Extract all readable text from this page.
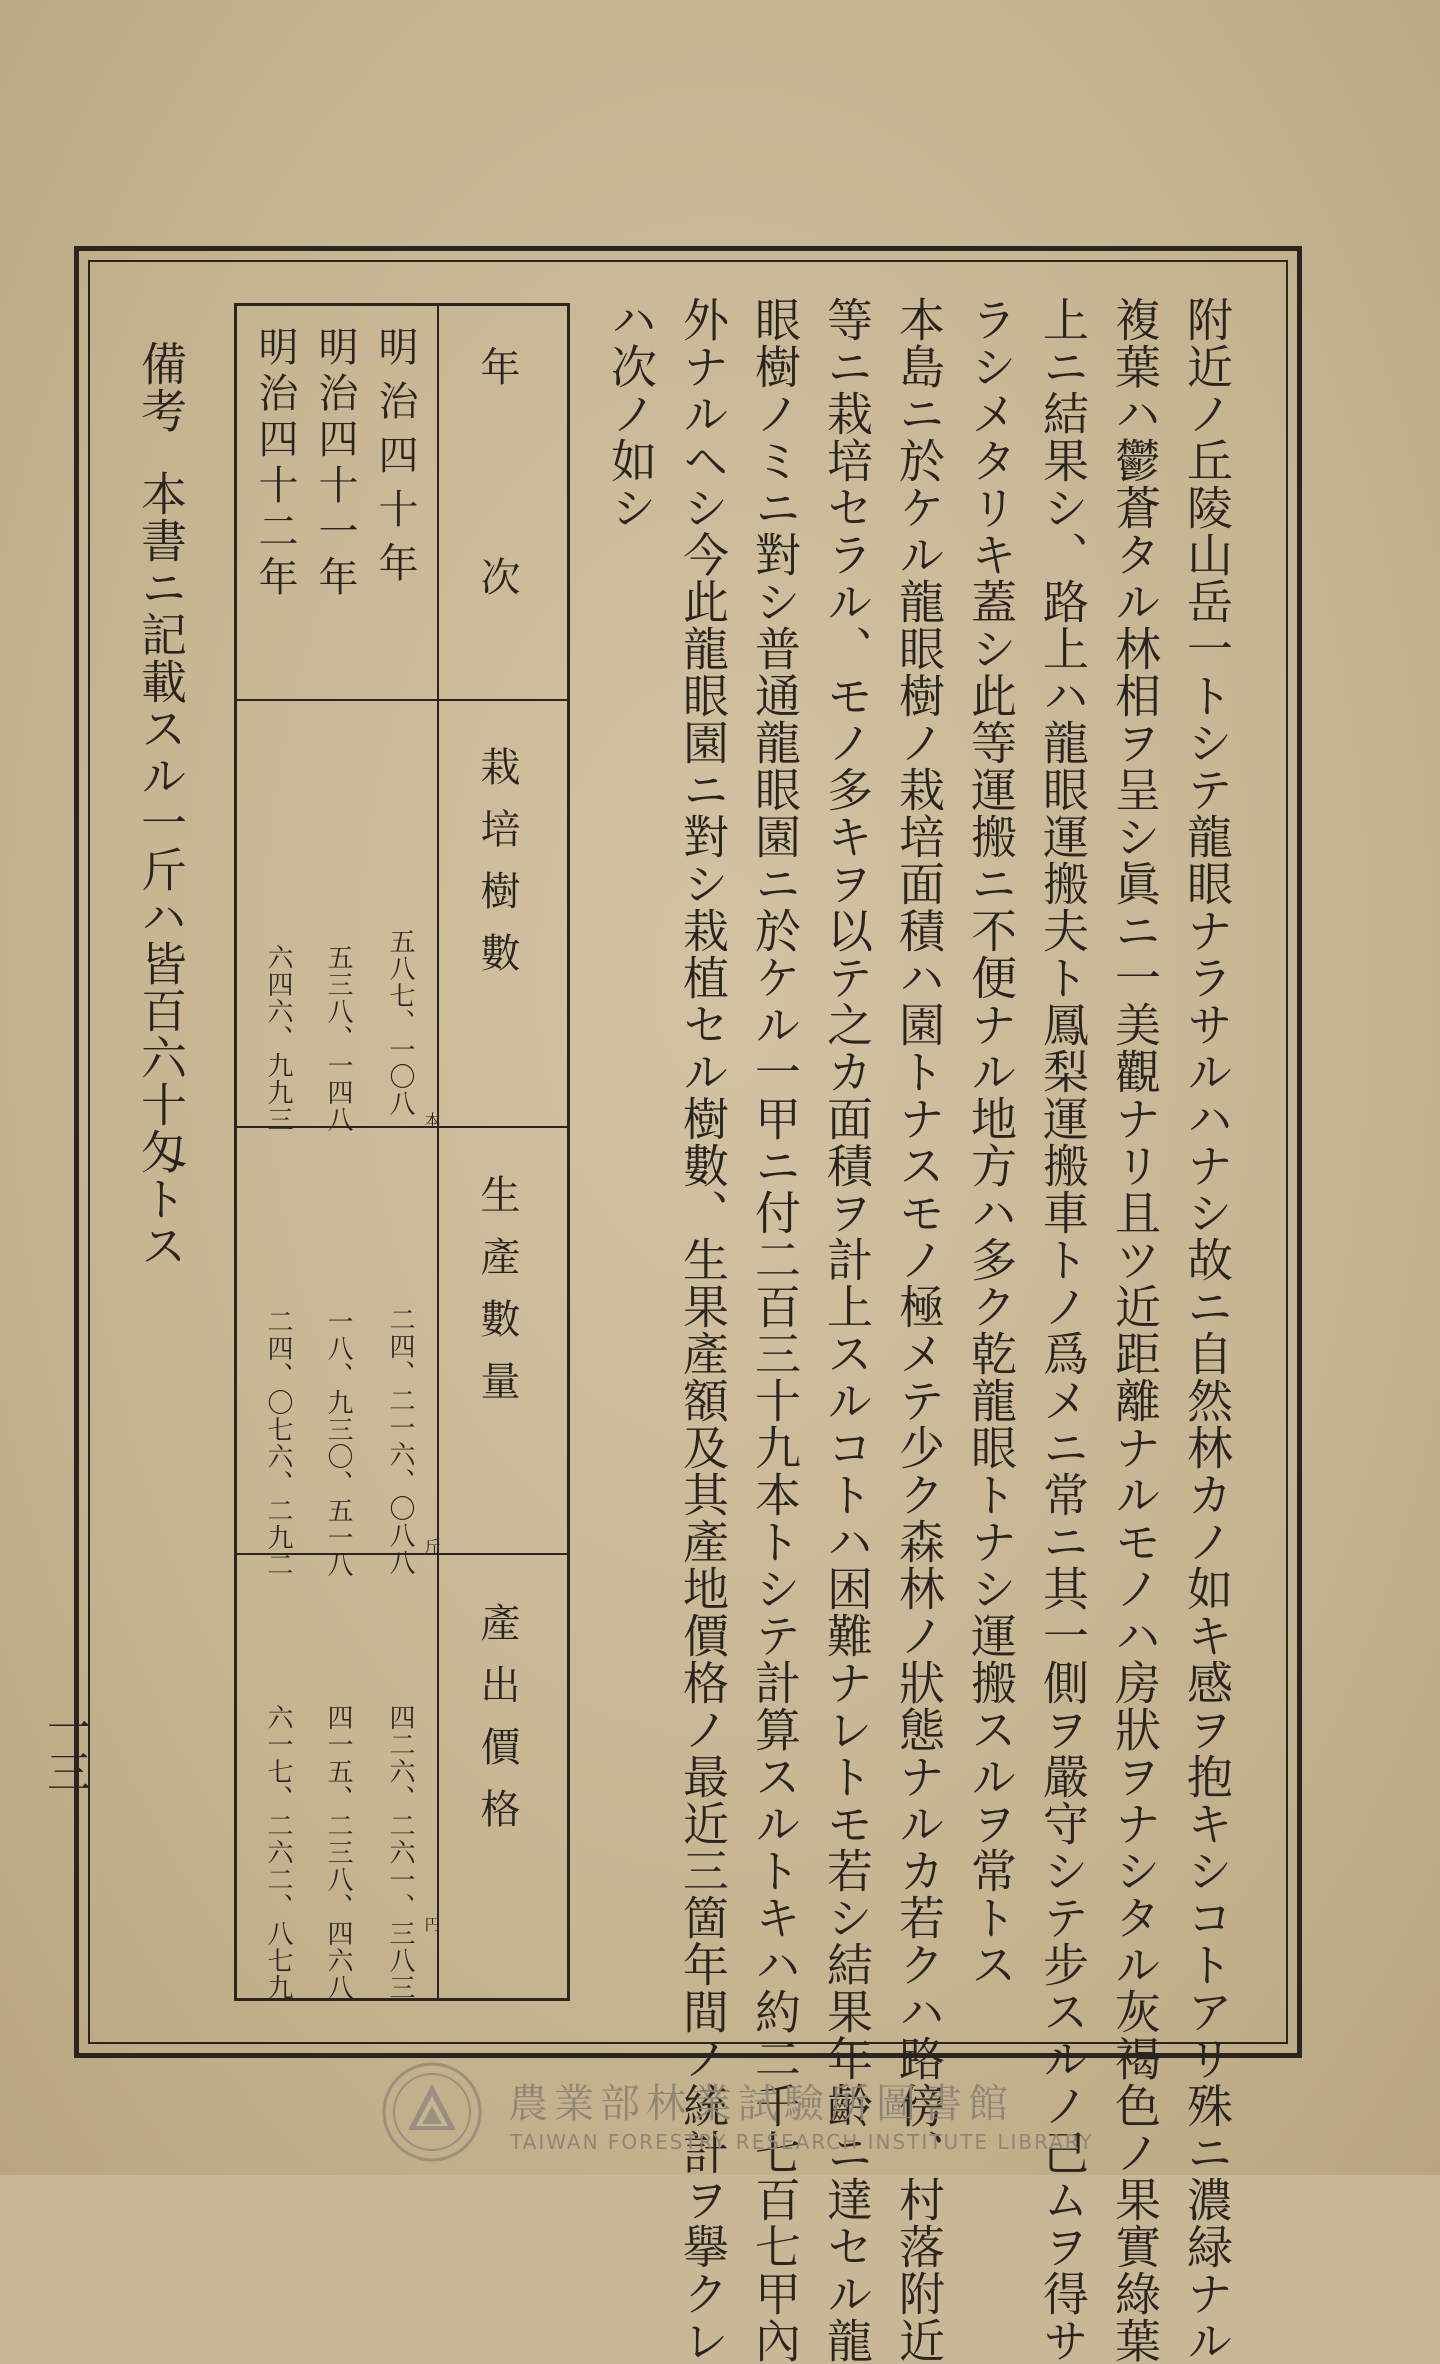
附近ノ丘陵山岳一トシテ龍眼ナラサルハナシ故ニ自然林カノ如キ感ヲ抱キシコトアリ殊ニ濃緑ナル
複葉ハ鬱蒼タル林相ヲ呈シ眞ニ一美觀ナリ且ツ近距離ナルモノハ房狀ヲナシタル灰褐色ノ果實綠葉
上ニ結果シ、路上ハ龍眼運搬夫ト鳳梨運搬車トノ爲メニ常ニ其一側ヲ嚴守シテ步スルノ己ムヲ得サ
ラシメタリキ蓋シ此等運搬ニ不便ナル地方ハ多ク乾龍眼トナシ運搬スルヲ常トス
本島ニ於ケル龍眼樹ノ栽培面積ハ園トナスモノ極メテ少ク森林ノ狀態ナルカ若クハ路傍、村落附近
等ニ栽培セラル、モノ多キヲ以テ之カ面積ヲ計上スルコトハ困難ナレトモ若シ結果年齡ニ達セル龍
眼樹ノミニ對シ普通龍眼園ニ於ケル一甲ニ付二百三十九本トシテ計算スルトキハ約二千七百七甲內
外ナルヘシ今此龍眼園ニ對シ栽植セル樹數、生果產額及其產地價格ノ最近三箇年間ノ統計ヲ擧クレ
ハ次ノ如シ
年　　次
栽培樹數
生產數量
產出價格
明治四十年
明治四十一年
明治四十二年
本
五八七、一〇八
五三八、一四八
六四六、九九三
斤
二四、二一六、〇八八
一八、九三〇、五一八
二四、〇七六、二九二
円
四二六、二六一、三八三
四一五、二三八、四六八
六一七、二六二、八七九
備考
本書ニ記載スル一斤ハ皆百六十匁トス
一三
農業部林業試驗所圖書館
TAIWAN FORESTRY RESEARCH INSTITUTE LIBRARY
